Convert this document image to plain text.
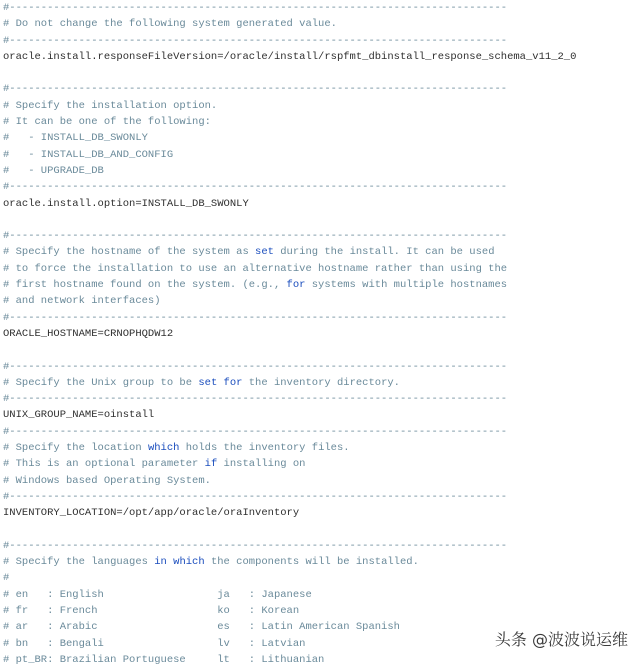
#-------------------------------------------------------------------------------
# Do not change the following system generated value.
#-------------------------------------------------------------------------------
oracle.install.responseFileVersion=/oracle/install/rspfmt_dbinstall_response_schema_v11_2_0
#-------------------------------------------------------------------------------
# Specify the installation option.
# It can be one of the following:
#   - INSTALL_DB_SWONLY
#   - INSTALL_DB_AND_CONFIG
#   - UPGRADE_DB
#-------------------------------------------------------------------------------
oracle.install.option=INSTALL_DB_SWONLY
#-------------------------------------------------------------------------------
# Specify the hostname of the system as set during the install. It can be used
# to force the installation to use an alternative hostname rather than using the
# first hostname found on the system. (e.g., for systems with multiple hostnames
# and network interfaces)
#-------------------------------------------------------------------------------
ORACLE_HOSTNAME=CRNOPHQDW12
#-------------------------------------------------------------------------------
# Specify the Unix group to be set for the inventory directory.
#-------------------------------------------------------------------------------
UNIX_GROUP_NAME=oinstall
#-------------------------------------------------------------------------------
# Specify the location which holds the inventory files.
# This is an optional parameter if installing on
# Windows based Operating System.
#-------------------------------------------------------------------------------
INVENTORY_LOCATION=/opt/app/oracle/oraInventory
#-------------------------------------------------------------------------------
# Specify the languages in which the components will be installed.
#
# en   : English                  ja   : Japanese
# fr   : French                   ko   : Korean
# ar   : Arabic                   es   : Latin American Spanish
# bn   : Bengali                  lv   : Latvian
# pt_BR: Brazilian Portuguese     lt   : Lithuanian
头条 @波波说运维
